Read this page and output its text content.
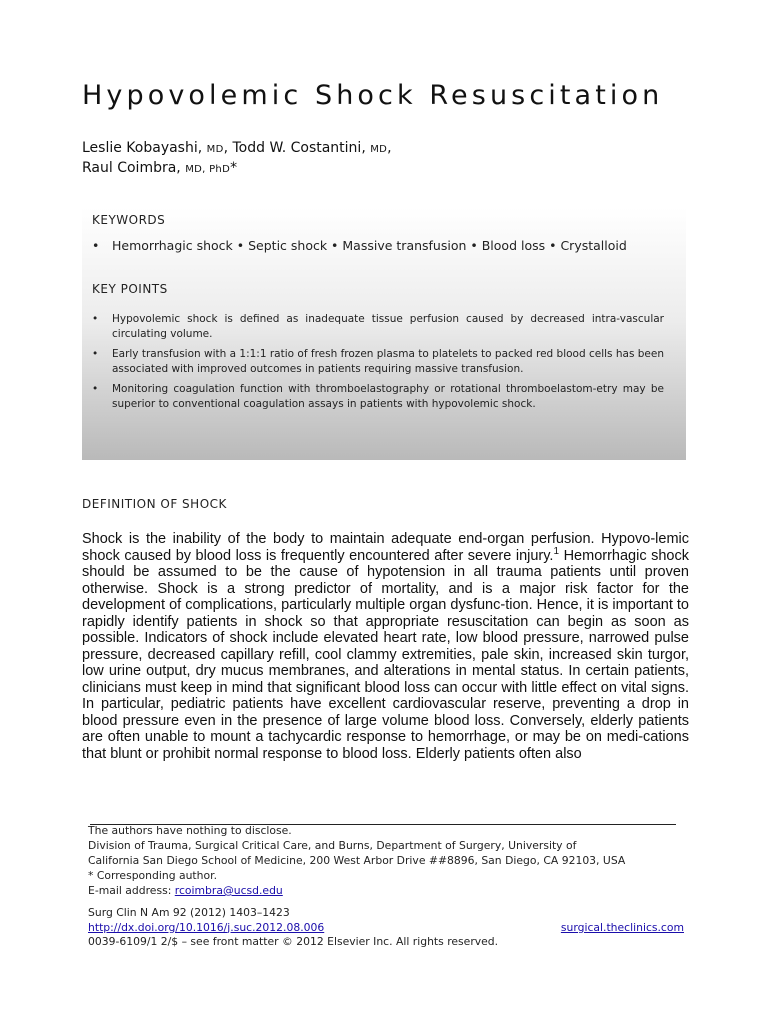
Hypovolemic Shock Resuscitation
Leslie Kobayashi, MD, Todd W. Costantini, MD,
Raul Coimbra, MD, PhD*
KEYWORDS
• Hemorrhagic shock • Septic shock • Massive transfusion • Blood loss • Crystalloid
KEY POINTS
• Hypovolemic shock is defined as inadequate tissue perfusion caused by decreased intra-vascular circulating volume.
• Early transfusion with a 1:1:1 ratio of fresh frozen plasma to platelets to packed red blood cells has been associated with improved outcomes in patients requiring massive transfusion.
• Monitoring coagulation function with thromboelastography or rotational thromboelastom-etry may be superior to conventional coagulation assays in patients with hypovolemic shock.
DEFINITION OF SHOCK

Shock is the inability of the body to maintain adequate end-organ perfusion. Hypovo-lemic shock caused by blood loss is frequently encountered after severe injury.$^1$ Hemorrhagic shock should be assumed to be the cause of hypotension in all trauma patients until proven otherwise. Shock is a strong predictor of mortality, and is a major risk factor for the development of complications, particularly multiple organ dysfunc-tion. Hence, it is important to rapidly identify patients in shock so that appropriate resuscitation can begin as soon as possible. Indicators of shock include elevated heart rate, low blood pressure, narrowed pulse pressure, decreased capillary refill, cool clammy extremities, pale skin, increased skin turgor, low urine output, dry mucus membranes, and alterations in mental status. In certain patients, clinicians must keep in mind that significant blood loss can occur with little effect on vital signs. In particular, pediatric patients have excellent cardiovascular reserve, preventing a drop in blood pressure even in the presence of large volume blood loss. Conversely, elderly patients are often unable to mount a tachycardic response to hemorrhage, or may be on medi-cations that blunt or prohibit normal response to blood loss. Elderly patients often also

The authors have nothing to disclose.
Division of Trauma, Surgical Critical Care, and Burns, Department of Surgery, University of
California San Diego School of Medicine, 200 West Arbor Drive ##8896, San Diego, CA 92103, USA
* Corresponding author.
E-mail address: rcoimbra@ucsd.edu
Surg Clin N Am 92 (2012) 1403–1423
http://dx.doi.org/10.1016/j.suc.2012.08.006	surgical.theclinics.com
0039-6109/1 2/$ – see front matter © 2012 Elsevier Inc. All rights reserved.
